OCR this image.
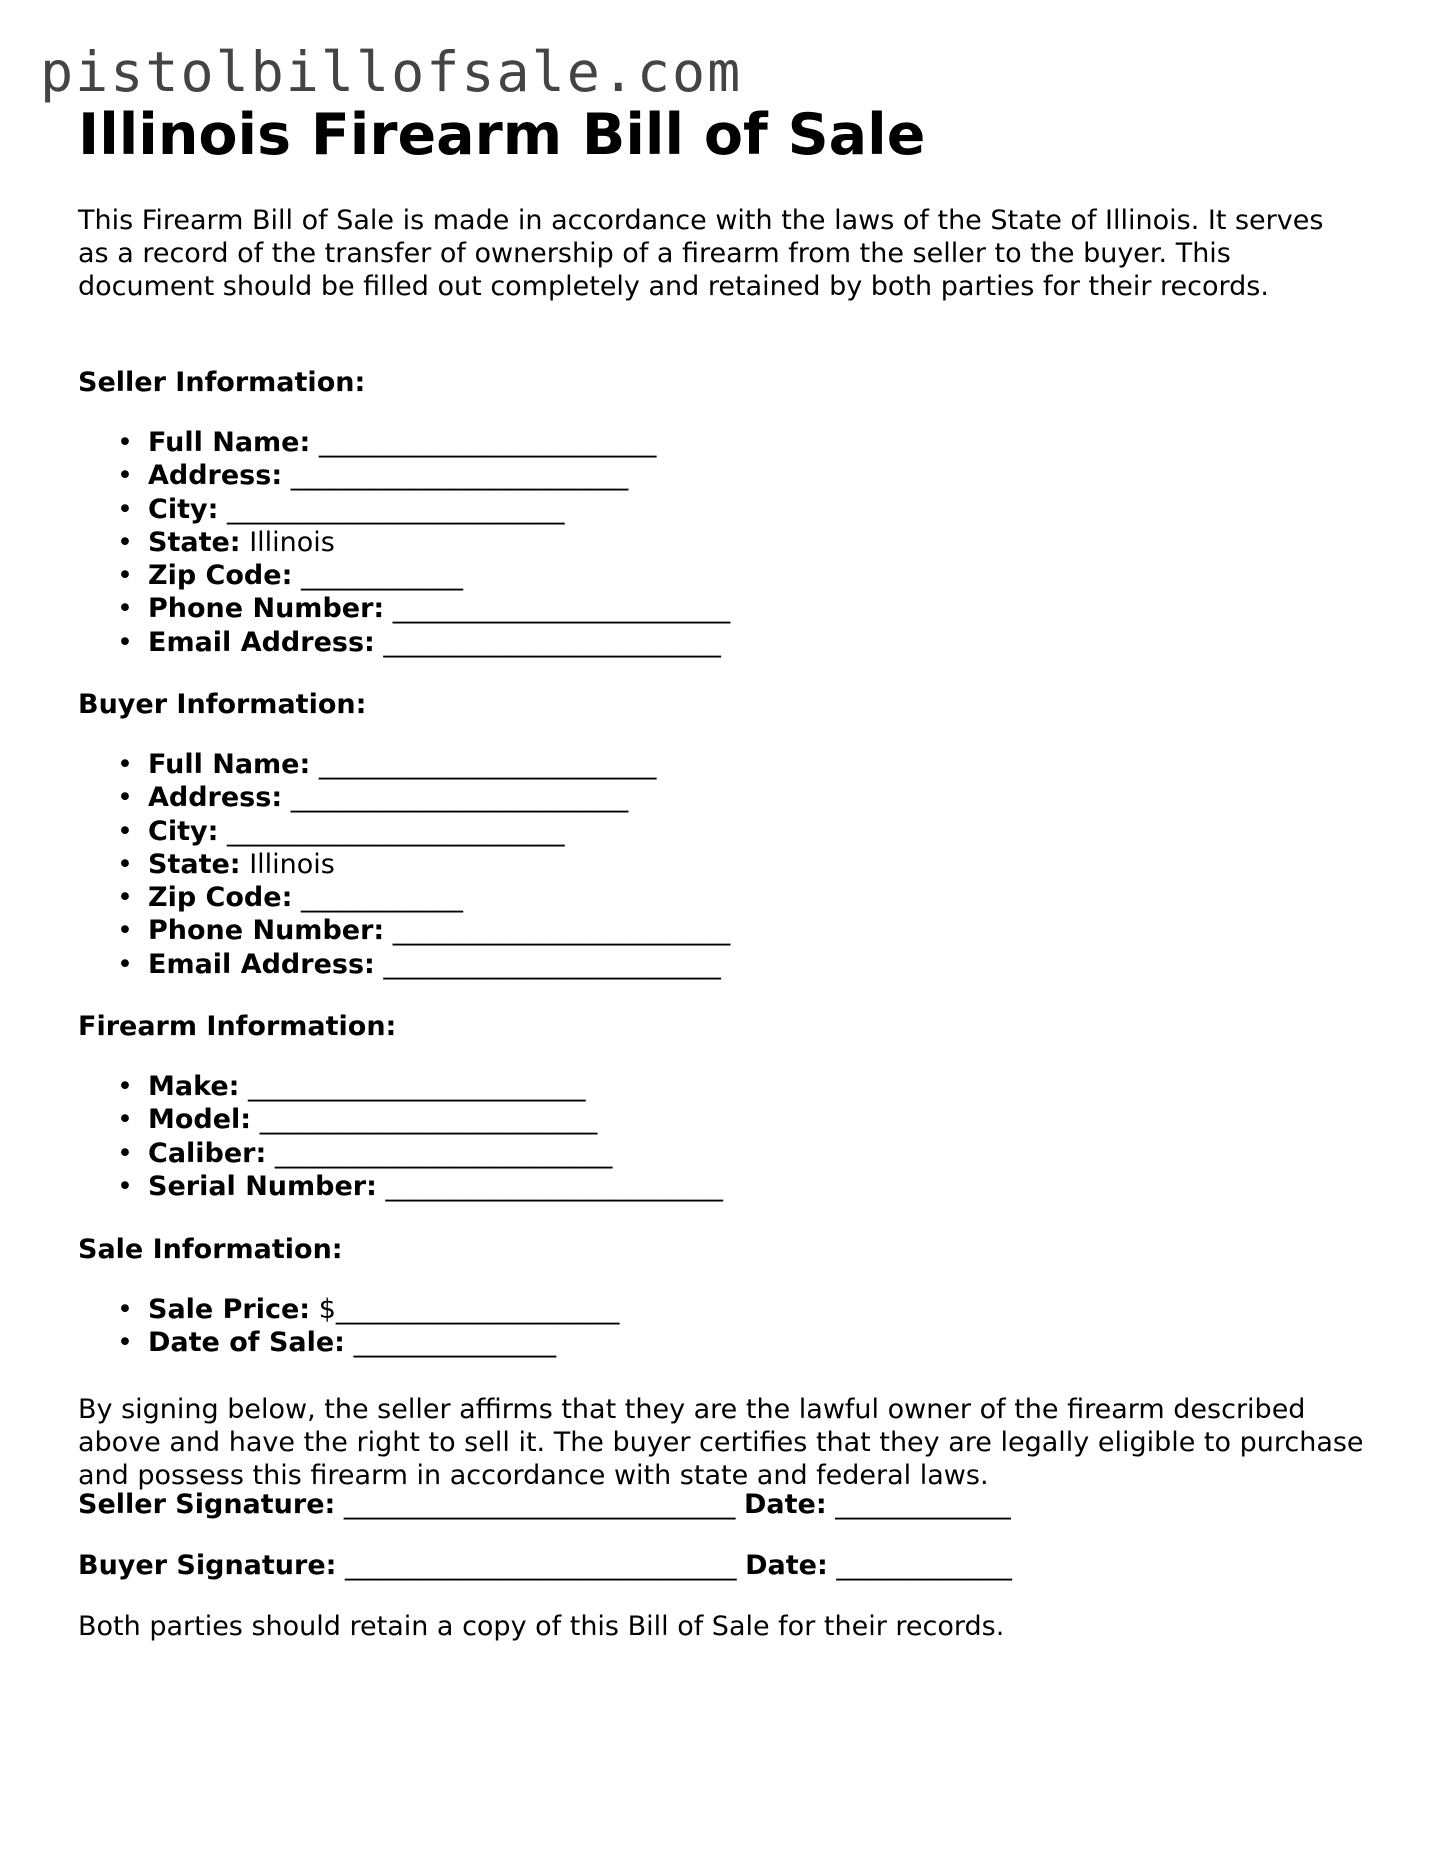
pistolbillofsale.com
Illinois Firearm Bill of Sale

This Firearm Bill of Sale is made in accordance with the laws of the State of Illinois. It serves as a record of the transfer of ownership of a firearm from the seller to the buyer. This document should be filled out completely and retained by both parties for their records.

Seller Information:
• Full Name: _________________________
• Address: _________________________
• City: _________________________
• State: Illinois
• Zip Code: ____________
• Phone Number: _________________________
• Email Address: _________________________
Buyer Information:
• Full Name: _________________________
• Address: _________________________
• City: _________________________
• State: Illinois
• Zip Code: ____________
• Phone Number: _________________________
• Email Address: _________________________
Firearm Information:
• Make: _________________________
• Model: _________________________
• Caliber: _________________________
• Serial Number: _________________________
Sale Information:
• Sale Price: $_____________________
• Date of Sale: _______________

By signing below, the seller affirms that they are the lawful owner of the firearm described above and have the right to sell it. The buyer certifies that they are legally eligible to purchase and possess this firearm in accordance with state and federal laws.

Seller Signature: _____________________________ Date: _____________
Buyer Signature: _____________________________ Date: _____________

Both parties should retain a copy of this Bill of Sale for their records.
